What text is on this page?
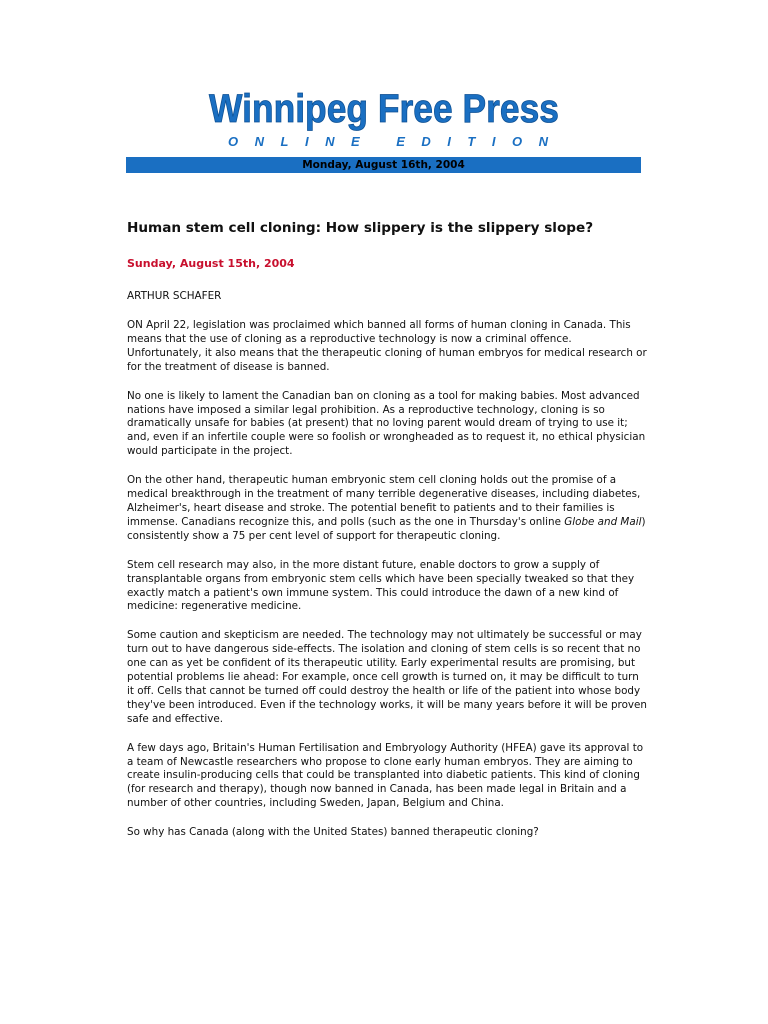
Winnipeg Free Press
ONLINE EDITION
Monday, August 16th, 2004
Human stem cell cloning: How slippery is the slippery slope?
Sunday, August 15th, 2004
ARTHUR SCHAFER

ON April 22, legislation was proclaimed which banned all forms of human cloning in Canada. This means that the use of cloning as a reproductive technology is now a criminal offence. Unfortunately, it also means that the therapeutic cloning of human embryos for medical research or for the treatment of disease is banned.

No one is likely to lament the Canadian ban on cloning as a tool for making babies. Most advanced nations have imposed a similar legal prohibition. As a reproductive technology, cloning is so dramatically unsafe for babies (at present) that no loving parent would dream of trying to use it; and, even if an infertile couple were so foolish or wrongheaded as to request it, no ethical physician would participate in the project.

On the other hand, therapeutic human embryonic stem cell cloning holds out the promise of a medical breakthrough in the treatment of many terrible degenerative diseases, including diabetes, Alzheimer's, heart disease and stroke. The potential benefit to patients and to their families is immense. Canadians recognize this, and polls (such as the one in Thursday's online Globe and Mail) consistently show a 75 per cent level of support for therapeutic cloning.

Stem cell research may also, in the more distant future, enable doctors to grow a supply of transplantable organs from embryonic stem cells which have been specially tweaked so that they exactly match a patient's own immune system. This could introduce the dawn of a new kind of medicine: regenerative medicine.

Some caution and skepticism are needed. The technology may not ultimately be successful or may turn out to have dangerous side-effects. The isolation and cloning of stem cells is so recent that no one can as yet be confident of its therapeutic utility. Early experimental results are promising, but potential problems lie ahead: For example, once cell growth is turned on, it may be difficult to turn it off. Cells that cannot be turned off could destroy the health or life of the patient into whose body they've been introduced. Even if the technology works, it will be many years before it will be proven safe and effective.

A few days ago, Britain's Human Fertilisation and Embryology Authority (HFEA) gave its approval to a team of Newcastle researchers who propose to clone early human embryos. They are aiming to create insulin-producing cells that could be transplanted into diabetic patients. This kind of cloning (for research and therapy), though now banned in Canada, has been made legal in Britain and a number of other countries, including Sweden, Japan, Belgium and China.

So why has Canada (along with the United States) banned therapeutic cloning?
